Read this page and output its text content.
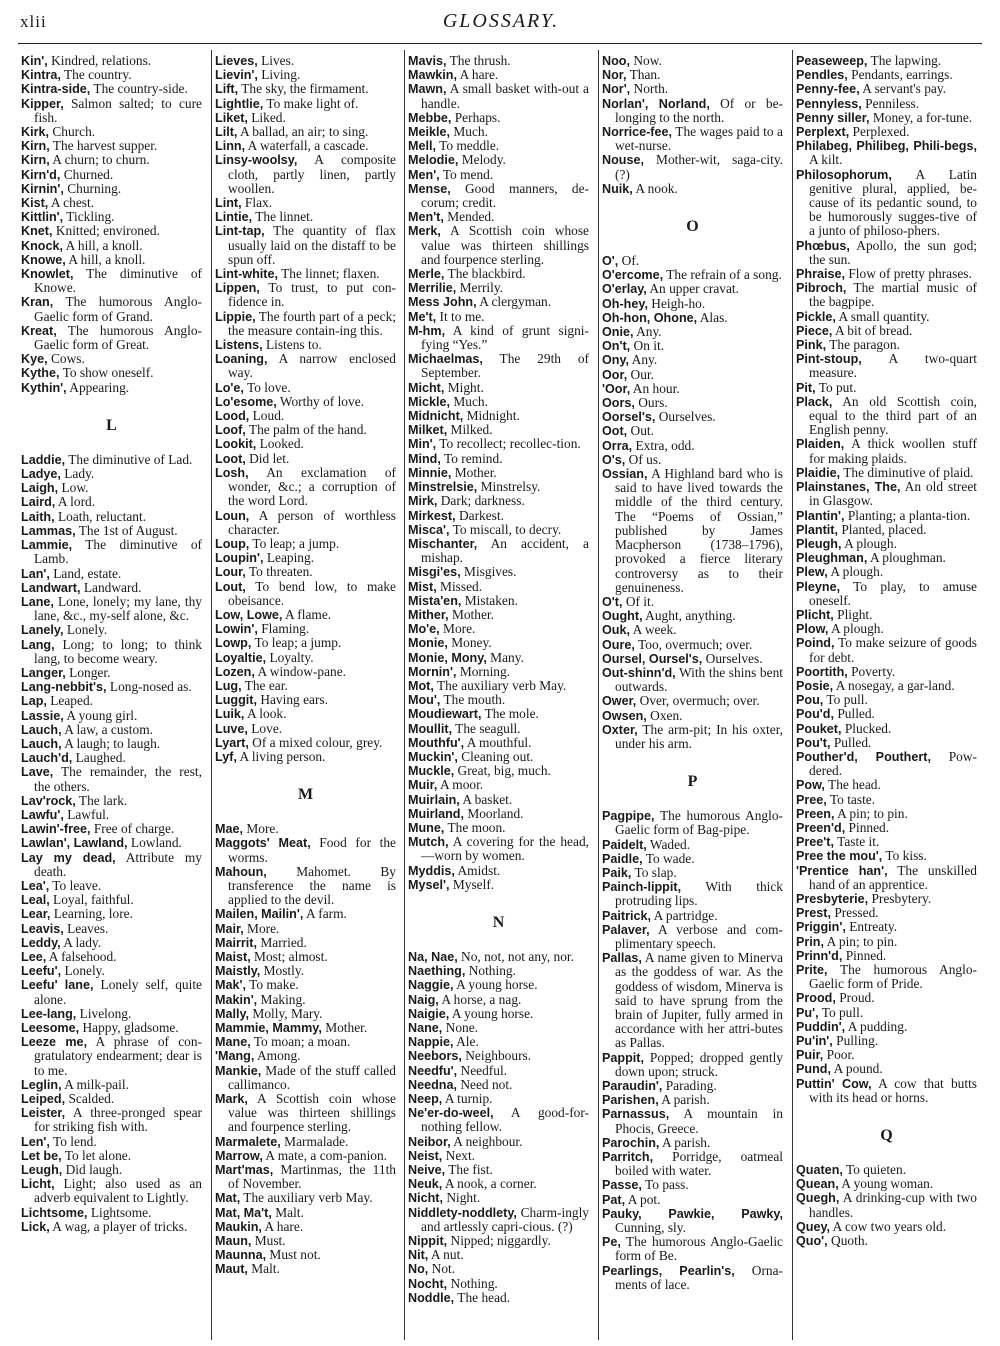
xlii	GLOSSARY.

Kin', Kindred, relations.

Kintra, The country.

Kintra-side, The country-side.

Kipper, Salmon salted; to cure fish.

Kirk, Church.

Kirn, The harvest supper.

Kirn, A churn; to churn.

Kirn'd, Churned.

Kirnin', Churning.

Kist, A chest.

Kittlin', Tickling.

Knet, Knitted; environed.

Knock, A hill, a knoll.

Knowe, A hill, a knoll.

Knowlet, The diminutive of Knowe.

Kran, The humorous Anglo-Gaelic form of Grand.

Kreat, The humorous Anglo-Gaelic form of Great.

Kye, Cows.

Kythe, To show oneself.

Kythin', Appearing.

L

Laddie, The diminutive of Lad.

Ladye, Lady.

Laigh, Low.

Laird, A lord.

Laith, Loath, reluctant.

Lammas, The 1st of August.

Lammie, The diminutive of Lamb.

Lan', Land, estate.

Landwart, Landward.

Lane, Lone, lonely; my lane, thy lane, &c., my-self alone, &c.

Lanely, Lonely.

Lang, Long; to long; to think lang, to become weary.

Langer, Longer.

Lang-nebbit's, Long-nosed as.

Lap, Leaped.

Lassie, A young girl.

Lauch, A law, a custom.

Lauch, A laugh; to laugh.

Lauch'd, Laughed.

Lave, The remainder, the rest, the others.

Lav'rock, The lark.

Lawfu', Lawful.

Lawin'-free, Free of charge.

Lawlan', Lawland, Lowland.

Lay my dead, Attribute my death.

Lea', To leave.

Leal, Loyal, faithful.

Lear, Learning, lore.

Leavis, Leaves.

Leddy, A lady.

Lee, A falsehood.

Leefu', Lonely.

Leefu' lane, Lonely self, quite alone.

Lee-lang, Livelong.

Leesome, Happy, gladsome.

Leeze me, A phrase of con-gratulatory endearment; dear is to me.

Leglin, A milk-pail.

Leiped, Scalded.

Leister, A three-pronged spear for striking fish with.

Len', To lend.

Let be, To let alone.

Leugh, Did laugh.

Licht, Light; also used as an adverb equivalent to Lightly.

Lichtsome, Lightsome.

Lick, A wag, a player of tricks.

Lieves, Lives.

Lievin', Living.

Lift, The sky, the firmament.

Lightlie, To make light of.

Liket, Liked.

Lilt, A ballad, an air; to sing.

Linn, A waterfall, a cascade.

Linsy-woolsy, A composite cloth, partly linen, partly woollen.

Lint, Flax.

Lintie, The linnet.

Lint-tap, The quantity of flax usually laid on the distaff to be spun off.

Lint-white, The linnet; flaxen.

Lippen, To trust, to put con-fidence in.

Lippie, The fourth part of a peck; the measure contain-ing this.

Listens, Listens to.

Loaning, A narrow enclosed way.

Lo'e, To love.

Lo'esome, Worthy of love.

Lood, Loud.

Loof, The palm of the hand.

Lookit, Looked.

Loot, Did let.

Losh, An exclamation of wonder, &c.; a corruption of the word Lord.

Loun, A person of worthless character.

Loup, To leap; a jump.

Loupin', Leaping.

Lour, To threaten.

Lout, To bend low, to make obeisance.

Low, Lowe, A flame.

Lowin', Flaming.

Lowp, To leap; a jump.

Loyaltie, Loyalty.

Lozen, A window-pane.

Lug, The ear.

Luggit, Having ears.

Luik, A look.

Luve, Love.

Lyart, Of a mixed colour, grey.

Lyf, A living person.

M

Mae, More.

Maggots' Meat, Food for the worms.

Mahoun, Mahomet. By transference the name is applied to the devil.

Mailen, Mailin', A farm.

Mair, More.

Mairrit, Married.

Maist, Most; almost.

Maistly, Mostly.

Mak', To make.

Makin', Making.

Mally, Molly, Mary.

Mammie, Mammy, Mother.

Mane, To moan; a moan.

'Mang, Among.

Mankie, Made of the stuff called callimanco.

Mark, A Scottish coin whose value was thirteen shillings and fourpence sterling.

Marmalete, Marmalade.

Marrow, A mate, a com-panion.

Mart'mas, Martinmas, the 11th of November.

Mat, The auxiliary verb May.

Mat, Ma't, Malt.

Maukin, A hare.

Maun, Must.

Maunna, Must not.

Maut, Malt.

Mavis, The thrush.

Mawkin, A hare.

Mawn, A small basket with-out a handle.

Mebbe, Perhaps.

Meikle, Much.

Mell, To meddle.

Melodie, Melody.

Men', To mend.

Mense, Good manners, de-corum; credit.

Men't, Mended.

Merk, A Scottish coin whose value was thirteen shillings and fourpence sterling.

Merle, The blackbird.

Merrilie, Merrily.

Mess John, A clergyman.

Me't, It to me.

M-hm, A kind of grunt signi-fying “Yes.”

Michaelmas, The 29th of September.

Micht, Might.

Mickle, Much.

Midnicht, Midnight.

Milket, Milked.

Min', To recollect; recollec-tion.

Mind, To remind.

Minnie, Mother.

Minstrelsie, Minstrelsy.

Mirk, Dark; darkness.

Mirkest, Darkest.

Misca', To miscall, to decry.

Mischanter, An accident, a mishap.

Misgi'es, Misgives.

Mist, Missed.

Mista'en, Mistaken.

Mither, Mother.

Mo'e, More.

Monie, Money.

Monie, Mony, Many.

Mornin', Morning.

Mot, The auxiliary verb May.

Mou', The mouth.

Moudiewart, The mole.

Moullit, The seagull.

Mouthfu', A mouthful.

Muckin', Cleaning out.

Muckle, Great, big, much.

Muir, A moor.

Muirlain, A basket.

Muirland, Moorland.

Mune, The moon.

Mutch, A covering for the head,—worn by women.

Myddis, Amidst.

Mysel', Myself.

N

Na, Nae, No, not, not any, nor.

Naething, Nothing.

Naggie, A young horse.

Naig, A horse, a nag.

Naigie, A young horse.

Nane, None.

Nappie, Ale.

Neebors, Neighbours.

Needfu', Needful.

Needna, Need not.

Neep, A turnip.

Ne'er-do-weel, A good-for-nothing fellow.

Neibor, A neighbour.

Neist, Next.

Neive, The fist.

Neuk, A nook, a corner.

Nicht, Night.

Niddlety-noddlety, Charm-ingly and artlessly capri-cious. (?)

Nippit, Nipped; niggardly.

Nit, A nut.

No, Not.

Nocht, Nothing.

Noddle, The head.

Noo, Now.

Nor, Than.

Nor', North.

Norlan', Norland, Of or be-longing to the north.

Norrice-fee, The wages paid to a wet-nurse.

Nouse, Mother-wit, saga-city. (?)

Nuik, A nook.

O

O', Of.

O'ercome, The refrain of a song.

O'erlay, An upper cravat.

Oh-hey, Heigh-ho.

Oh-hon, Ohone, Alas.

Onie, Any.

On't, On it.

Ony, Any.

Oor, Our.

'Oor, An hour.

Oors, Ours.

Oorsel's, Ourselves.

Oot, Out.

Orra, Extra, odd.

O's, Of us.

Ossian, A Highland bard who is said to have lived towards the middle of the third century. The “Poems of Ossian,” published by James Macpherson (1738–1796), provoked a fierce literary controversy as to their genuineness.

O't, Of it.

Ought, Aught, anything.

Ouk, A week.

Oure, Too, overmuch; over.

Oursel, Oursel's, Ourselves.

Out-shinn'd, With the shins bent outwards.

Ower, Over, overmuch; over.

Owsen, Oxen.

Oxter, The arm-pit; In his oxter, under his arm.

P

Pagpipe, The humorous Anglo-Gaelic form of Bag-pipe.

Paidelt, Waded.

Paidle, To wade.

Paik, To slap.

Painch-lippit, With thick protruding lips.

Paitrick, A partridge.

Palaver, A verbose and com-plimentary speech.

Pallas, A name given to Minerva as the goddess of war. As the goddess of wisdom, Minerva is said to have sprung from the brain of Jupiter, fully armed in accordance with her attri-butes as Pallas.

Pappit, Popped; dropped gently down upon; struck.

Paraudin', Parading.

Parishen, A parish.

Parnassus, A mountain in Phocis, Greece.

Parochin, A parish.

Parritch, Porridge, oatmeal boiled with water.

Passe, To pass.

Pat, A pot.

Pauky, Pawkie, Pawky, Cunning, sly.

Pe, The humorous Anglo-Gaelic form of Be.

Pearlings, Pearlin's, Orna-ments of lace.

Peaseweep, The lapwing.

Pendles, Pendants, earrings.

Penny-fee, A servant's pay.

Pennyless, Penniless.

Penny siller, Money, a for-tune.

Perplext, Perplexed.

Philabeg, Philibeg, Phili-begs, A kilt.

Philosophorum, A Latin genitive plural, applied, be-cause of its pedantic sound, to be humorously sugges-tive of a junto of philoso-phers.

Phœbus, Apollo, the sun god; the sun.

Phraise, Flow of pretty phrases.

Pibroch, The martial music of the bagpipe.

Pickle, A small quantity.

Piece, A bit of bread.

Pink, The paragon.

Pint-stoup, A two-quart measure.

Pit, To put.

Plack, An old Scottish coin, equal to the third part of an English penny.

Plaiden, A thick woollen stuff for making plaids.

Plaidie, The diminutive of plaid.

Plainstanes, The, An old street in Glasgow.

Plantin', Planting; a planta-tion.

Plantit, Planted, placed.

Pleugh, A plough.

Pleughman, A ploughman.

Plew, A plough.

Pleyne, To play, to amuse oneself.

Plicht, Plight.

Plow, A plough.

Poind, To make seizure of goods for debt.

Poortith, Poverty.

Posie, A nosegay, a gar-land.

Pou, To pull.

Pou'd, Pulled.

Pouket, Plucked.

Pou't, Pulled.

Pouther'd, Pouthert, Pow-dered.

Pow, The head.

Pree, To taste.

Preen, A pin; to pin.

Preen'd, Pinned.

Pree't, Taste it.

Pree the mou', To kiss.

'Prentice han', The unskilled hand of an apprentice.

Presbyterie, Presbytery.

Prest, Pressed.

Priggin', Entreaty.

Prin, A pin; to pin.

Prinn'd, Pinned.

Prite, The humorous Anglo-Gaelic form of Pride.

Prood, Proud.

Pu', To pull.

Puddin', A pudding.

Pu'in', Pulling.

Puir, Poor.

Pund, A pound.

Puttin' Cow, A cow that butts with its head or horns.

Q

Quaten, To quieten.

Quean, A young woman.

Quegh, A drinking-cup with two handles.

Quey, A cow two years old.

Quo', Quoth.
